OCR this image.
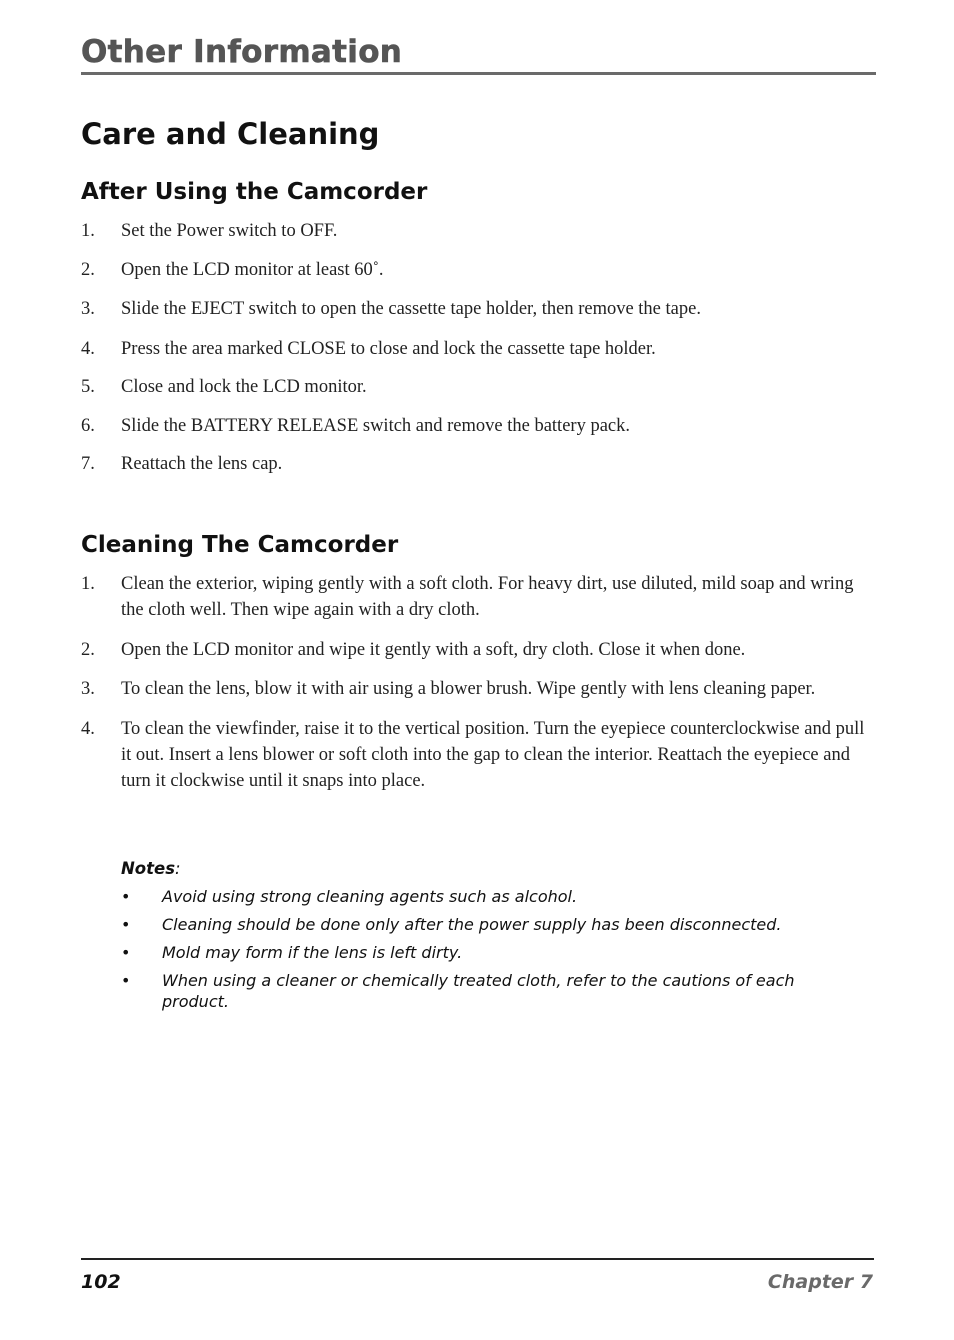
Other Information
Care and Cleaning
After Using the Camcorder
1. Set the Power switch to OFF.
2. Open the LCD monitor at least 60˚.
3. Slide the EJECT switch to open the cassette tape holder, then remove the tape.
4. Press the area marked CLOSE to close and lock the cassette tape holder.
5. Close and lock the LCD monitor.
6. Slide the BATTERY RELEASE switch and remove the battery pack.
7. Reattach the lens cap.
Cleaning The Camcorder
1. Clean the exterior, wiping gently with a soft cloth. For heavy dirt, use diluted, mild soap and wring the cloth well. Then wipe again with a dry cloth.
2. Open the LCD monitor and wipe it gently with a soft, dry cloth. Close it when done.
3. To clean the lens, blow it with air using a blower brush. Wipe gently with lens cleaning paper.
4. To clean the viewfinder, raise it to the vertical position. Turn the eyepiece counterclockwise and pull it out. Insert a lens blower or soft cloth into the gap to clean the interior. Reattach the eyepiece and turn it clockwise until it snaps into place.

Notes:

• Avoid using strong cleaning agents such as alcohol.
• Cleaning should be done only after the power supply has been disconnected.
• Mold may form if the lens is left dirty.
• When using a cleaner or chemically treated cloth, refer to the cautions of each product.

102	Chapter 7
